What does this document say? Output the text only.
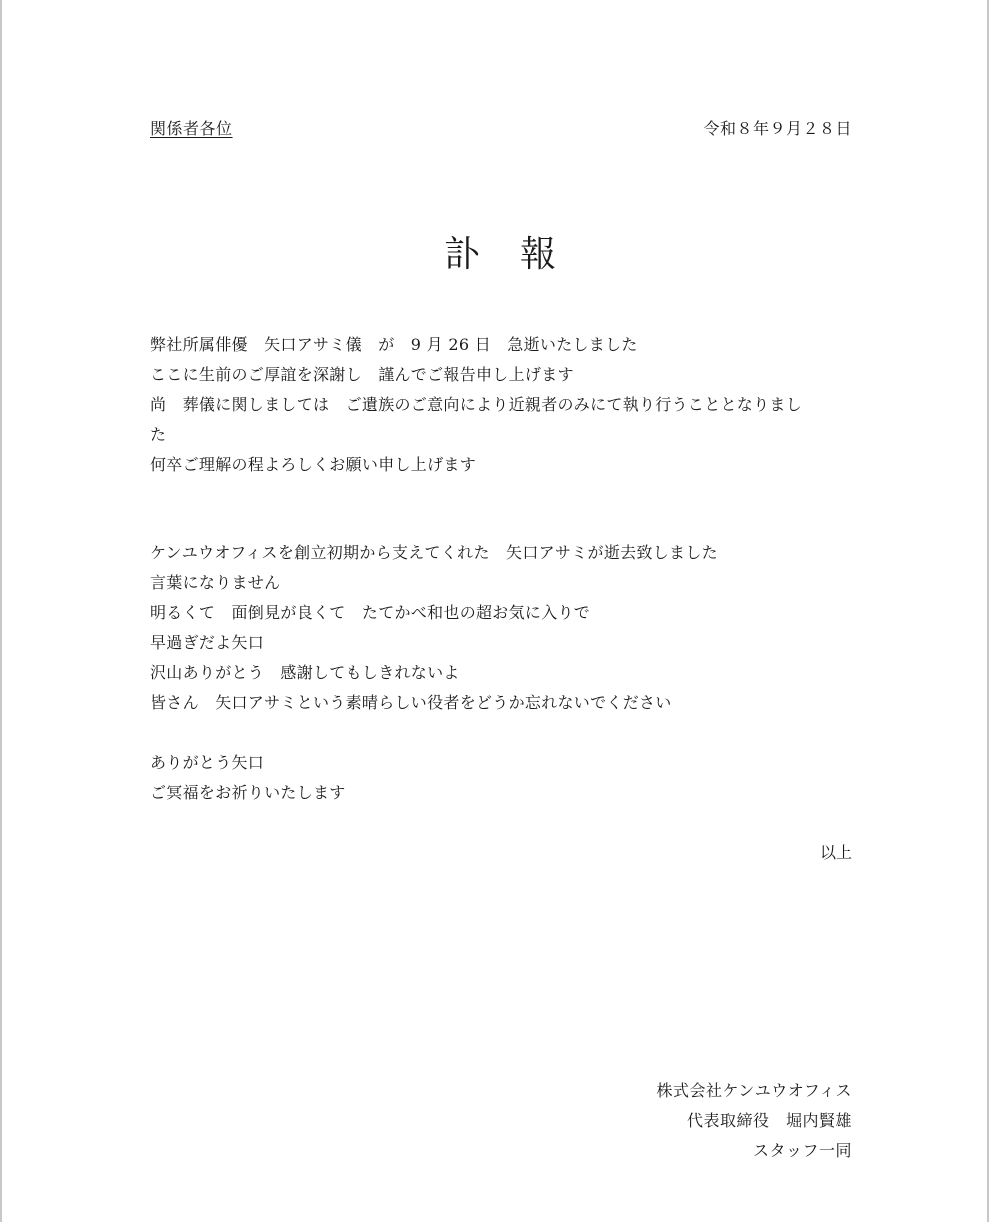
関係者各位	令和８年９月２８日
訃　報
弊社所属俳優　矢口アサミ儀　が　9 月 26 日　急逝いたしました
ここに生前のご厚誼を深謝し　謹んでご報告申し上げます
尚　葬儀に関しましては　ご遺族のご意向により近親者のみにて執り行うこととなりまし
た
何卒ご理解の程よろしくお願い申し上げます
ケンユウオフィスを創立初期から支えてくれた　矢口アサミが逝去致しました
言葉になりません
明るくて　面倒見が良くて　たてかべ和也の超お気に入りで
早過ぎだよ矢口
沢山ありがとう　感謝してもしきれないよ
皆さん　矢口アサミという素晴らしい役者をどうか忘れないでください
ありがとう矢口
ご冥福をお祈りいたします
以上
株式会社ケンユウオフィス
代表取締役　堀内賢雄
スタッフ一同
